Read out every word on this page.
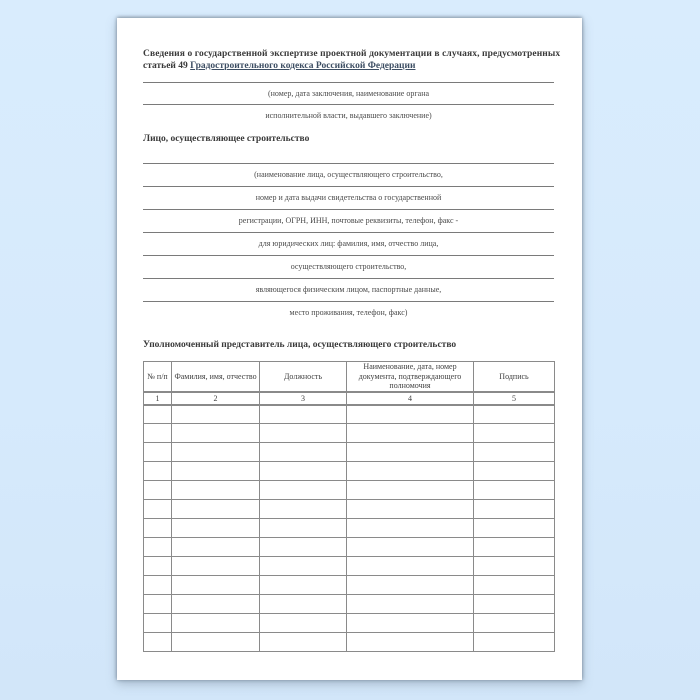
Сведения о государственной экспертизе проектной документации в случаях, предусмотренных
статьей 49 Градостроительного кодекса Российской Федерации
(номер, дата заключения, наименование органа
исполнительной власти, выдавшего заключение)
Лицо, осуществляющее строительство
(наименование лица, осуществляющего строительство,
номер и дата выдачи свидетельства о государственной
регистрации, ОГРН, ИНН, почтовые реквизиты, телефон, факс -
для юридических лиц: фамилия, имя, отчество лица,
осуществляющего строительство,
являющегося физическим лицом, паспортные данные,
место проживания, телефон, факс)
Уполномоченный представитель лица, осуществляющего строительство
№ п/п	Фамилия, имя, отчество	Должность	Наименование, дата, номер документа, подтверждающего полномочия	Подпись
1	2	3	4	5
